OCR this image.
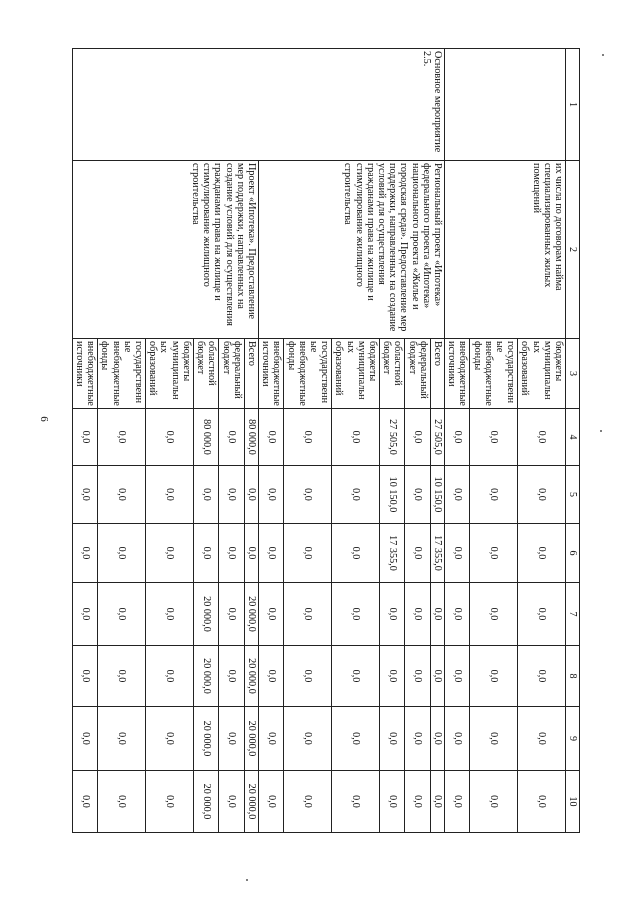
6
1	2	3	4	5	6	7	8	9	10
	их числа по договорам найма специализированных жилых помещений	бюджеты муниципальных образований	0,0	0,0	0,0	0,0	0,0	0,0	0,0
		государственные внебюджетные фонды	0,0	0,0	0,0	0,0	0,0	0,0	0,0
		внебюджетные источники	0,0	0,0	0,0	0,0	0,0	0,0	0,0
Основное мероприятие 2.5.	Региональный проект «Ипотека» федерального проекта «Ипотека» национального проекта «Жилье и городская среда». Предоставление мер поддержки, направленных на создание условий для осуществления гражданами права на жилище и стимулирование жилищного строительства	Всего	27 505,0	10 150,0	17 355,0	0,0	0,0	0,0	0,0
		федеральный бюджет	0,0	0,0	0,0	0,0	0,0	0,0	0,0
		областной бюджет	27 505,0	10 150,0	17 355,0	0,0	0,0	0,0	0,0
		бюджеты муниципальных образований	0,0	0,0	0,0	0,0	0,0	0,0	0,0
		государственные внебюджетные фонды	0,0	0,0	0,0	0,0	0,0	0,0	0,0
		внебюджетные источники	0,0	0,0	0,0	0,0	0,0	0,0	0,0
	Проект «Ипотека». Предоставление мер поддержки, направленных на создание условий для осуществления гражданами права на жилище и стимулирование жилищного строительства	Всего	80 000,0	0,0	0,0	20 000,0	20 000,0	20 000,0	20 000,0
		федеральный бюджет	0,0	0,0	0,0	0,0	0,0	0,0	0,0
		областной бюджет	80 000,0	0,0	0,0	20 000,0	20 000,0	20 000,0	20 000,0
		бюджеты муниципальных образований	0,0	0,0	0,0	0,0	0,0	0,0	0,0
		государственные внебюджетные фонды	0,0	0,0	0,0	0,0	0,0	0,0	0,0
		внебюджетные источники	0,0	0,0	0,0	0,0	0,0	0,0	0,0
